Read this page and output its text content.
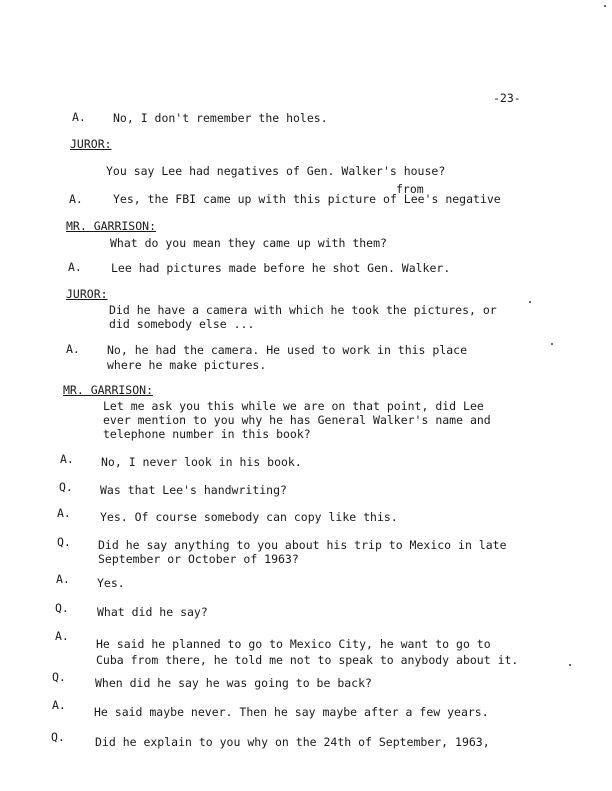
-23-
A. No, I don't remember the holes.
JUROR:
You say Lee had negatives of Gen. Walker's house?
from
A.	Yes, the FBI came up with this picture of Lee's negative
MR. GARRISON:
What do you mean they came up with them?
A.	Lee had pictures made before he shot Gen. Walker.
JUROR:
Did he have a camera with which he took the pictures, or
did somebody else ...
A. No, he had the camera. He used to work in this place
where he make pictures.
MR. GARRISON:
Let me ask you this while we are on that point, did Lee
ever mention to you why he has General Walker's name and
telephone number in this book?
A. No, I never look in his book.
Q. Was that Lee's handwriting?
A.	Yes. Of course somebody can copy like this.
Q. Did he say anything to you about his trip to Mexico in late
September or October of 1963?
A. Yes.
Q. What did he say?
A.
He said he planned to go to Mexico City, he want to go to
Cuba from there, he told me not to speak to anybody about it.
Q.	When did he say he was going to be back?
A. He said maybe never. Then he say maybe after a few years.
Q.	Did he explain to you why on the 24th of September, 1963,
